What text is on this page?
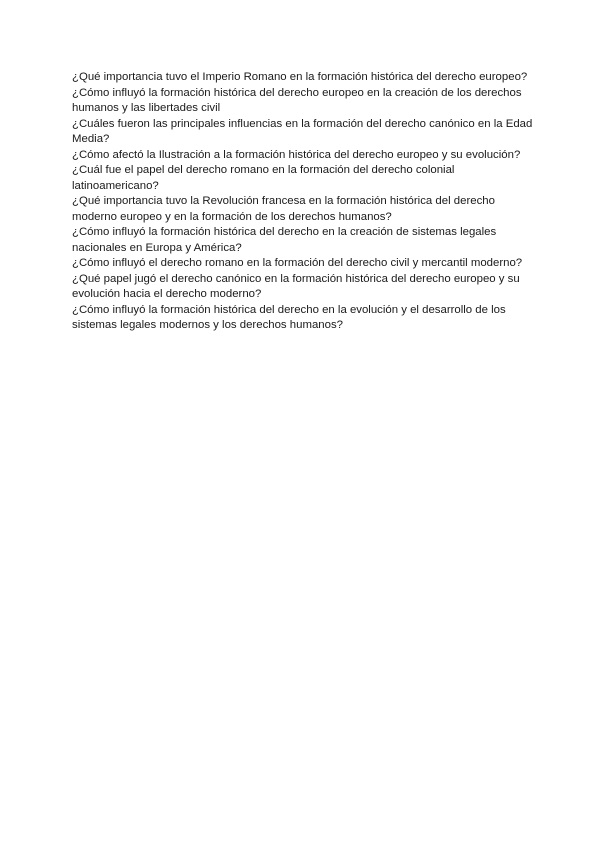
¿Qué importancia tuvo el Imperio Romano en la formación histórica del derecho europeo?
¿Cómo influyó la formación histórica del derecho europeo en la creación de los derechos
humanos y las libertades civil
¿Cuáles fueron las principales influencias en la formación del derecho canónico en la Edad
Media?
¿Cómo afectó la Ilustración a la formación histórica del derecho europeo y su evolución?
¿Cuál fue el papel del derecho romano en la formación del derecho colonial
latinoamericano?
¿Qué importancia tuvo la Revolución francesa en la formación histórica del derecho
moderno europeo y en la formación de los derechos humanos?
¿Cómo influyó la formación histórica del derecho en la creación de sistemas legales
nacionales en Europa y América?
¿Cómo influyó el derecho romano en la formación del derecho civil y mercantil moderno?
¿Qué papel jugó el derecho canónico en la formación histórica del derecho europeo y su
evolución hacia el derecho moderno?
¿Cómo influyó la formación histórica del derecho en la evolución y el desarrollo de los
sistemas legales modernos y los derechos humanos?
